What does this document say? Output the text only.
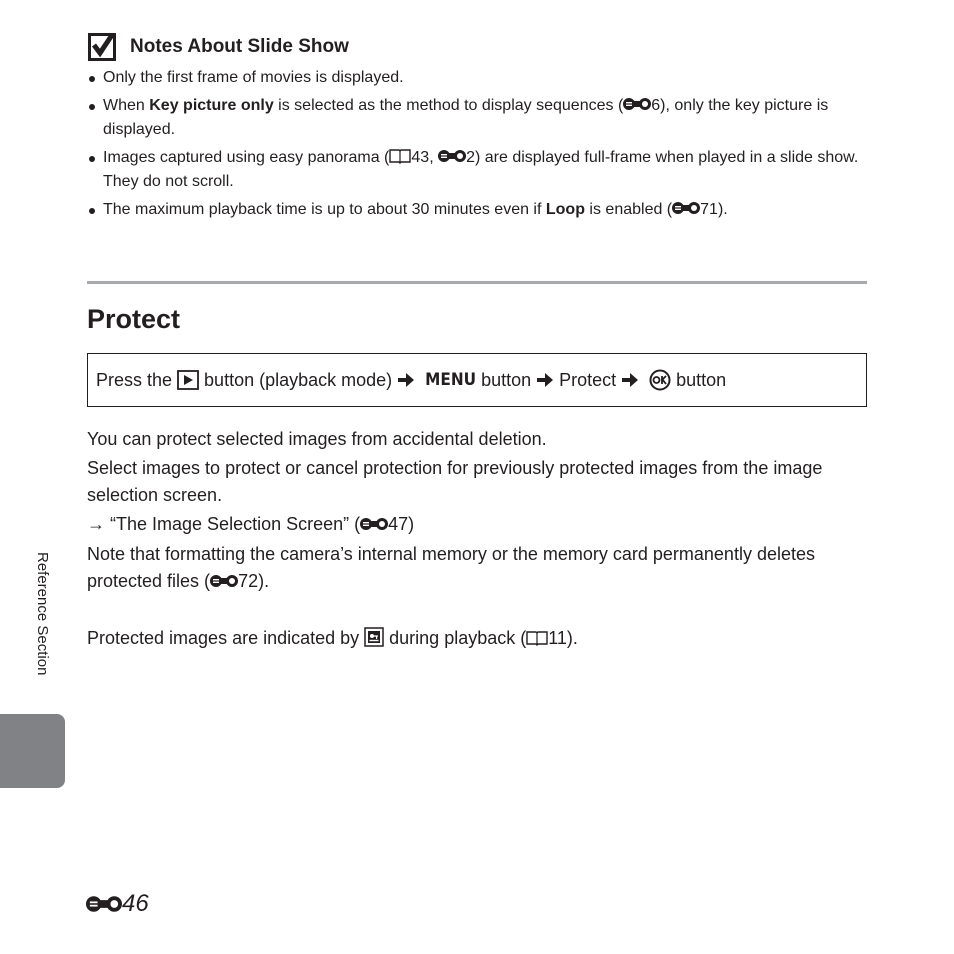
Notes About Slide Show
Only the first frame of movies is displayed.
When Key picture only is selected as the method to display sequences ( 6), only the key picture is displayed.
Images captured using easy panorama ( 43, 2) are displayed full-frame when played in a slide show. They do not scroll.
The maximum playback time is up to about 30 minutes even if Loop is enabled ( 71).
Protect
Press the button (playback mode) MENU button Protect	button

You can protect selected images from accidental deletion.

Select images to protect or cancel protection for previously protected images from the image selection screen.

→ “The Image Selection Screen” ( 47)

Note that formatting the camera’s internal memory or the memory card permanently deletes protected files ( 72).

Protected images are indicated by  during playback ( 11).

Reference Section
46
